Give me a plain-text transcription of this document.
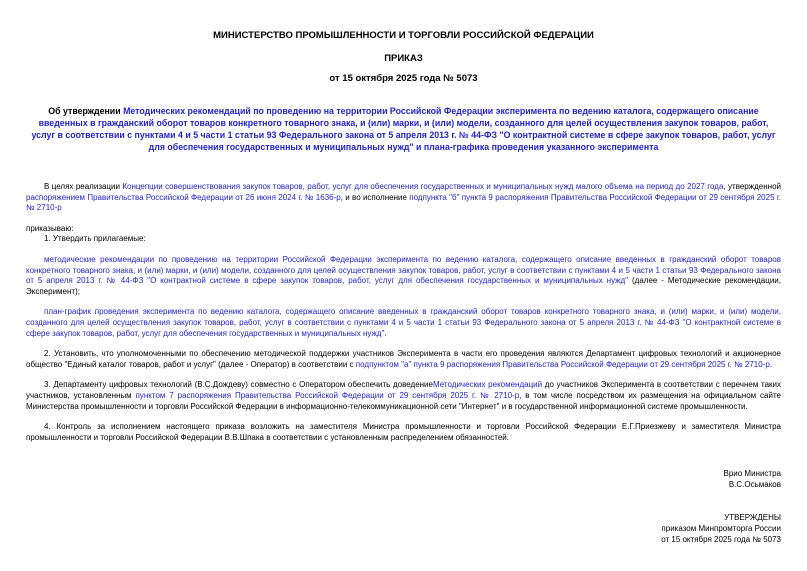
МИНИСТЕРСТВО ПРОМЫШЛЕННОСТИ И ТОРГОВЛИ РОССИЙСКОЙ ФЕДЕРАЦИИ
ПРИКАЗ
от 15 октября 2025 года № 5073
Об утверждении Методических рекомендаций по проведению на территории Российской Федерации эксперимента по ведению каталога, содержащего описание введенных в гражданский оборот товаров конкретного товарного знака, и (или) марки, и (или) модели, созданного для целей осуществления закупок товаров, работ, услуг в соответствии с пунктами 4 и 5 части 1 статьи 93 Федерального закона от 5 апреля 2013 г. № 44-ФЗ "О контрактной системе в сфере закупок товаров, работ, услуг для обеспечения государственных и муниципальных нужд" и плана-графика проведения указанного эксперимента
В целях реализации Концепции совершенствования закупок товаров, работ, услуг для обеспечения государственных и муниципальных нужд малого объема на период до 2027 года, утвержденной распоряжением Правительства Российской Федерации от 26 июня 2024 г. № 1636-р, и во исполнение подпункта "б" пункта 9 распоряжения Правительства Российской Федерации от 29 сентября 2025 г. № 2710-р
приказываю:
1. Утвердить прилагаемые:
методические рекомендации по проведению на территории Российской Федерации эксперимента по ведению каталога, содержащего описание введенных в гражданский оборот товаров конкретного товарного знака, и (или) марки, и (или) модели, созданного для целей осуществления закупок товаров, работ, услуг в соответствии с пунктами 4 и 5 части 1 статьи 93 Федерального закона от 5 апреля 2013 г. № 44-ФЗ "О контрактной системе в сфере закупок товаров, работ, услуг для обеспечения государственных и муниципальных нужд" (далее - Методические рекомендации, Эксперимент);
план-график проведения эксперимента по ведению каталога, содержащего описание введенных в гражданский оборот товаров конкретного товарного знака, и (или) марки, и (или) модели, созданного для целей осуществления закупок товаров, работ, услуг в соответствии с пунктами 4 и 5 части 1 статьи 93 Федерального закона от 5 апреля 2013 г. № 44-ФЗ "О контрактной системе в сфере закупок товаров, работ, услуг для обеспечения государственных и муниципальных нужд".
2. Установить, что уполномоченными по обеспечению методической поддержки участников Эксперимента в части его проведения являются Департамент цифровых технологий и акционерное общество "Единый каталог товаров, работ и услуг" (далее - Оператор) в соответствии с подпунктом "а" пункта 9 распоряжения Правительства Российской Федерации от 29 сентября 2025 г. № 2710-р.
3. Департаменту цифровых технологий (В.С.Дождеву) совместно с Оператором обеспечить доведениеМетодических рекомендаций до участников Эксперимента в соответствии с перечнем таких участников, установленным пунктом 7 распоряжения Правительства Российской Федерации от 29 сентября 2025 г. № 2710-р, в том числе посредством их размещения на официальном сайте Министерства промышленности и торговли Российской Федерации в информационно-телекоммуникационной сети "Интернет" и в государственной информационной системе промышленности.
4. Контроль за исполнением настоящего приказа возложить на заместителя Министра промышленности и торговли Российской Федерации Е.Г.Приезжеву и заместителя Министра промышленности и торговли Российской Федерации В.В.Шпака в соответствии с установленным распределением обязанностей.
Врио Министра
В.С.Осьмаков
УТВЕРЖДЕНЫ
приказом Минпромторга России
от 15 октября 2025 года № 5073
